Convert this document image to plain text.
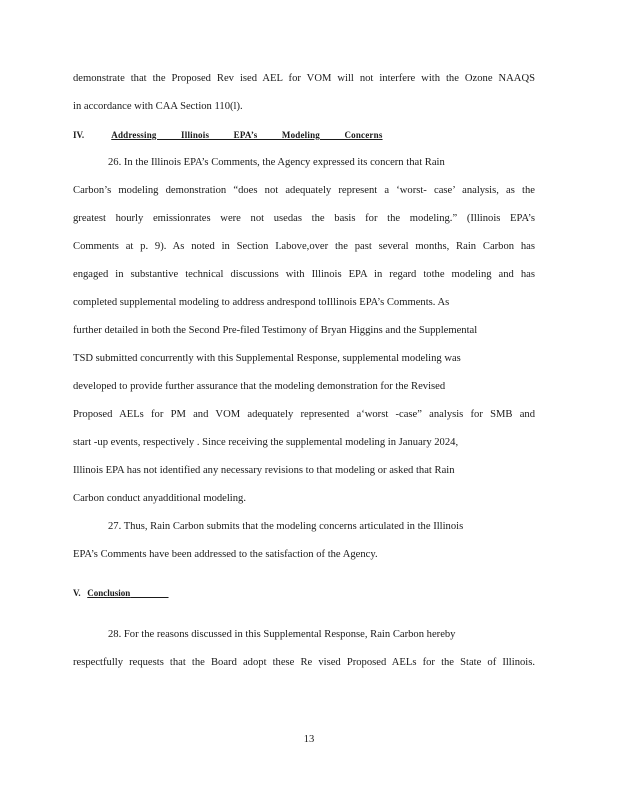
demonstrate that the Proposed Rev ised AEL for VOM will not interfere with the Ozone NAAQS
in accordance with CAA Section 110(l).
IV.	Addressing Illinois EPA’s Modeling Concerns
26. In the Illinois EPA’s Comments, the Agency expressed its concern that Rain
Carbon’s modeling demonstration “does not adequately represent a ‘worst- case’ analysis, as the
greatest hourly emissionrates were not usedas the basis for the modeling.” (Illinois EPA’s
Comments at p. 9). As noted in Section I.above,over the past several months, Rain Carbon has
engaged in substantive technical discussions with Illinois EPA in regard tothe modeling and has
completed supplemental modeling to address andrespond toIllinois EPA’s Comments. As
further detailed in both the Second Pre-filed Testimony of Bryan Higgins and the Supplemental
TSD submitted concurrently with this Supplemental Response, supplemental modeling was
developed to provide further assurance that the modeling demonstration for the Revised
Proposed AELs for PM and VOM adequately represented a‘worst -case” analysis for SMB and
start -up events, respectively . Since receiving the supplemental modeling in January 2024,
Illinois EPA has not identified any necessary revisions to that modeling or asked that Rain
Carbon conduct anyadditional modeling.
27. Thus, Rain Carbon submits that the modeling concerns articulated in the Illinois
EPA’s Comments have been addressed to the satisfaction of the Agency.
V. Conclusion
28. For the reasons discussed in this Supplemental Response, Rain Carbon hereby
respectfully requests that the Board adopt these Re vised Proposed AELs for the State of Illinois.
13
